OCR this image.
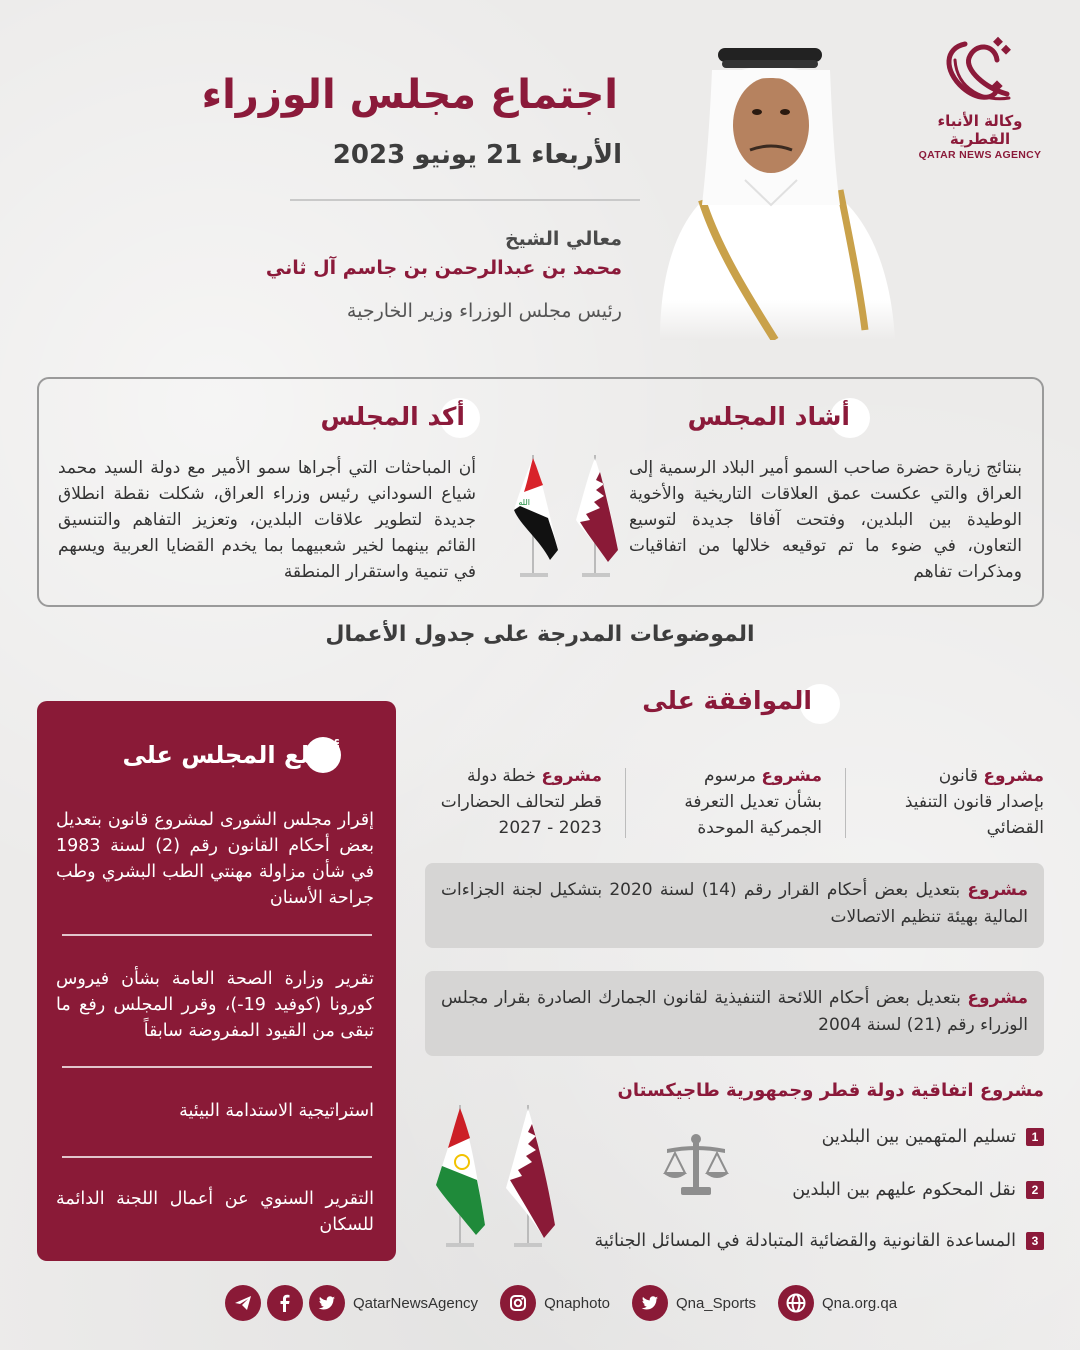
وكالة الأنباء القطرية
QATAR NEWS AGENCY
اجتماع مجلس الوزراء
الأربعاء 21 يونيو 2023
معالي الشيخ
محمد بن عبدالرحمن بن جاسم آل ثاني
رئيس مجلس الوزراء وزير الخارجية
أشاد المجلس
بنتائج زيارة حضرة صاحب السمو أمير البلاد الرسمية إلى العراق والتي عكست عمق العلاقات التاريخية والأخوية الوطيدة بين البلدين، وفتحت آفاقا جديدة لتوسيع التعاون، في ضوء ما تم توقيعه خلالها من اتفاقيات ومذكرات تفاهم
الله
أكد المجلس
أن المباحثات التي أجراها سمو الأمير مع دولة السيد محمد شياع السوداني رئيس وزراء العراق، شكلت نقطة انطلاق جديدة لتطوير علاقات البلدين، وتعزيز التفاهم والتنسيق القائم بينهما لخير شعبيهما بما يخدم القضايا العربية ويسهم في تنمية واستقرار المنطقة
الموضوعات المدرجة على جدول الأعمال
أطلع المجلس على
إقرار مجلس الشورى لمشروع قانون بتعديل بعض أحكام القانون رقم (2) لسنة 1983 في شأن مزاولة مهنتي الطب البشري وطب جراحة الأسنان
تقرير وزارة الصحة العامة بشأن فيروس كورونا (كوفيد 19-)، وقرر المجلس رفع ما تبقى من القيود المفروضة سابقاً
استراتيجية الاستدامة البيئية
التقرير السنوي عن أعمال اللجنة الدائمة للسكان
الموافقة على
مشروع قانون
بإصدار قانون التنفيذ القضائي
مشروع مرسوم
بشأن تعديل التعرفة الجمركية الموحدة
مشروع خطة دولة
قطر لتحالف الحضارات 2023 - 2027
مشروع بتعديل بعض أحكام القرار رقم (14) لسنة 2020 بتشكيل لجنة الجزاءات المالية بهيئة تنظيم الاتصالات
مشروع بتعديل بعض أحكام اللائحة التنفيذية لقانون الجمارك الصادرة بقرار مجلس الوزراء رقم (21) لسنة 2004
مشروع اتفاقية دولة قطر وجمهورية طاجيكستان
1
تسليم المتهمين بين البلدين
2
نقل المحكوم عليهم بين البلدين
3
المساعدة القانونية والقضائية المتبادلة في المسائل الجنائية
QatarNewsAgency	Qnaphoto	Qna_Sports	Qna.org.qa
